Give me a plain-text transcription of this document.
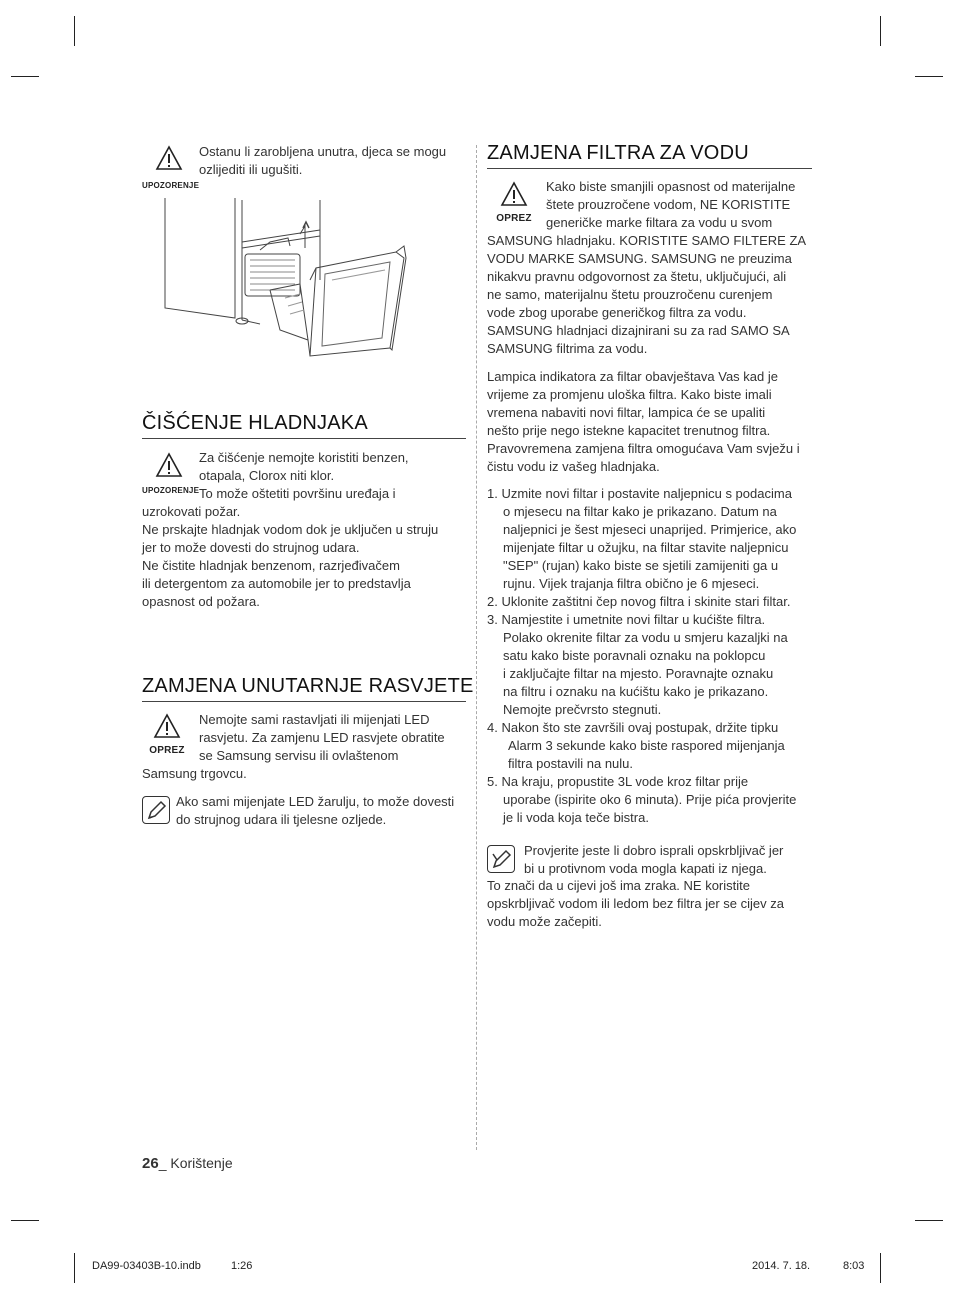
UPOZORENJE
Ostanu li zarobljena unutra, djeca se mogu
ozlijediti ili ugušiti.
ČIŠĆENJE HLADNJAKA
UPOZORENJE
Za čišćenje nemojte koristiti benzen,
otapala, Clorox niti klor.
To može oštetiti površinu uređaja i
uzrokovati požar.
Ne prskajte hladnjak vodom dok je uključen u struju
jer to može dovesti do strujnog udara.
Ne čistite hladnjak benzenom, razrjeđivačem
ili detergentom za automobile jer to predstavlja
opasnost od požara.
ZAMJENA UNUTARNJE RASVJETE
OPREZ
Nemojte sami rastavljati ili mijenjati LED
rasvjetu. Za zamjenu LED rasvjete obratite
se Samsung servisu ili ovlaštenom
Samsung trgovcu.
Ako sami mijenjate LED žarulju, to može dovesti
do strujnog udara ili tjelesne ozljede.
ZAMJENA FILTRA ZA VODU
OPREZ
Kako biste smanjili opasnost od materijalne
štete prouzročene vodom, NE KORISTITE
generičke marke filtara za vodu u svom
SAMSUNG hladnjaku. KORISTITE SAMO FILTERE ZA
VODU MARKE SAMSUNG. SAMSUNG ne preuzima
nikakvu pravnu odgovornost za štetu, uključujući, ali
ne samo, materijalnu štetu prouzročenu curenjem
vode zbog uporabe generičkog filtra za vodu.
SAMSUNG hladnjaci dizajnirani su za rad SAMO SA
SAMSUNG filtrima za vodu.
Lampica indikatora za filtar obavještava Vas kad je
vrijeme za promjenu uloška filtra. Kako biste imali
vremena nabaviti novi filtar, lampica će se upaliti
nešto prije nego istekne kapacitet trenutnog filtra.
Pravovremena zamjena filtra omogućava Vam svježu i
čistu vodu iz vašeg hladnjaka.
1. Uzmite novi filtar i postavite naljepnicu s podacima
o mjesecu na filtar kako je prikazano. Datum na
naljepnici je šest mjeseci unaprijed. Primjerice, ako
mijenjate filtar u ožujku, na filtar stavite naljepnicu
"SEP" (rujan) kako biste se sjetili zamijeniti ga u
rujnu. Vijek trajanja filtra obično je 6 mjeseci.
2. Uklonite zaštitni čep novog filtra i skinite stari filtar.
3. Namjestite i umetnite novi filtar u kućište filtra.
Polako okrenite filtar za vodu u smjeru kazaljki na
satu kako biste poravnali oznaku na poklopcu
i zaključajte filtar na mjesto. Poravnajte oznaku
na filtru i oznaku na kućištu kako je prikazano.
Nemojte prečvrsto stegnuti.
4. Nakon što ste završili ovaj postupak, držite tipku
Alarm 3 sekunde kako biste raspored mijenjanja
filtra postavili na nulu.
5. Na kraju, propustite 3L vode kroz filtar prije
uporabe (ispirite oko 6 minuta). Prije pića provjerite
je li voda koja teče bistra.
Provjerite jeste li dobro isprali opskrbljivač jer
bi u protivnom voda mogla kapati iz njega.
To znači da u cijevi još ima zraka. NE koristite
opskrbljivač vodom ili ledom bez filtra jer se cijev za
vodu može začepiti.
26_ Korištenje
DA99-03403B-10.indb	1:26	2014. 7. 18.	8:03
